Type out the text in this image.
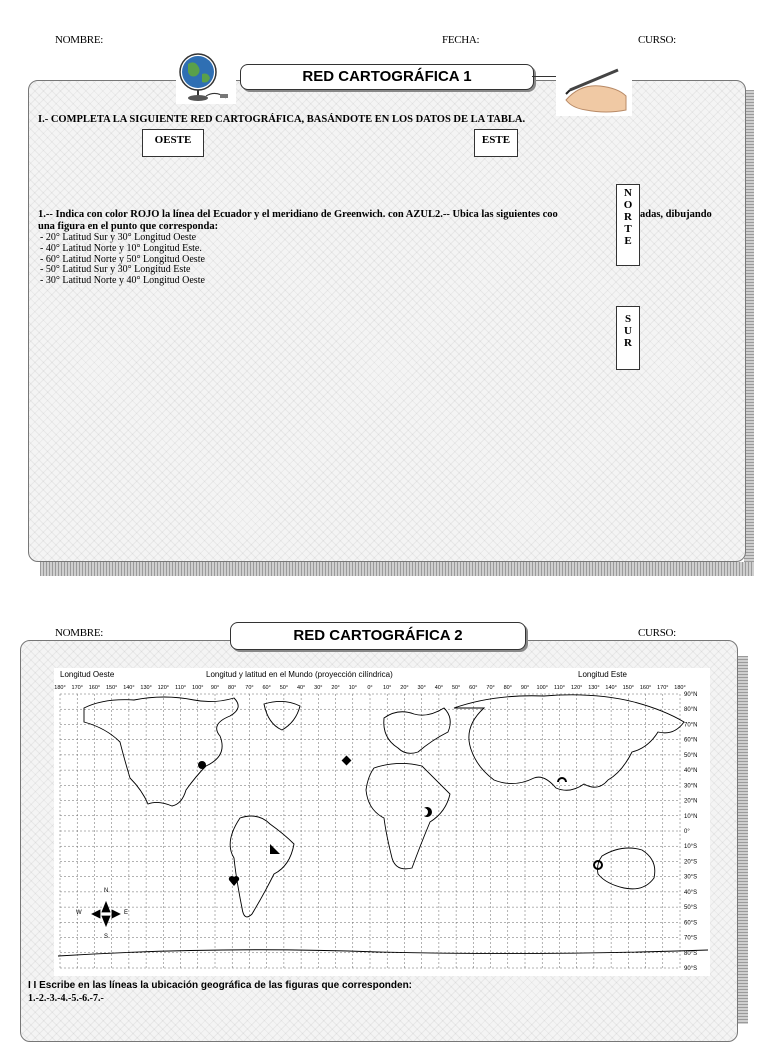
NOMBRE:	FECHA:	CURSO:
RED CARTOGRÁFICA 1
I.- COMPLETA LA SIGUIENTE RED CARTOGRÁFICA, BASÁNDOTE EN LOS DATOS DE LA TABLA.
OESTE	ESTE
N
O
R
T
E
1.-- Indica con color ROJO la línea del Ecuador y el meridiano de Greenwich. con AZUL2.-- Ubica las siguientes coo	adas, dibujando
una figura en el punto que corresponda:
- 20° Latitud Sur y 30° Longitud Oeste
- 40° Latitud Norte y 10° Longitud Este.
- 60° Latitud Norte y 50° Longitud Oeste
- 50° Latitud Sur y 30° Longitud Este
- 30° Latitud Norte y 40° Longitud Oeste
S
U
R
NOMBRE:	CURSO:
RED CARTOGRÁFICA 2
Longitud Oeste	Longitud y latitud en el Mundo (proyección cilíndrica)	Longitud Este
180° 170° 160° 150° 140° 130° 120° 110° 100° 90° 80° 70° 60° 50° 40° 30° 20° 10° 0° 10° 20° 30° 40° 50° 60° 70° 80° 90° 100° 110° 120° 130° 140° 150° 160° 170° 180°
90°N
80°N
70°N
60°N
50°N
40°N
30°N
20°N
10°N
0°
10°S
20°S
30°S
40°S
50°S
60°S
70°S
80°S
90°S
N
S
E
W
I I Escribe en las líneas la ubicación geográfica de las figuras que corresponden:
1.-2.-3.-4.-5.-6.-7.-
